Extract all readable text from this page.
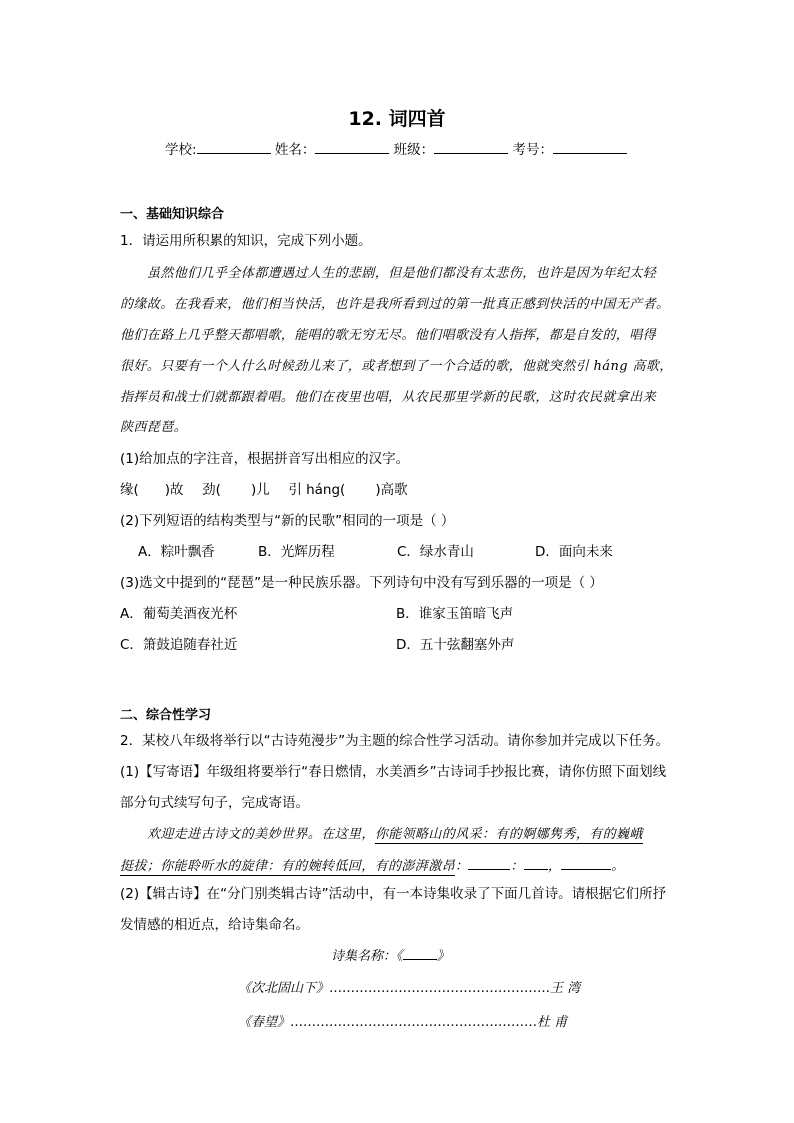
12. 词四首
学校:	姓名：	班级：	考号：
一、基础知识综合
1．请运用所积累的知识，完成下列小题。
虽然他们几乎全体都遭遇过人生的悲剧，但是他们都没有太悲伤，也许是因为年纪太轻
的缘故。在我看来，他们相当快活，也许是我所看到过的第一批真正感到快活的中国无产者。
他们在路上几乎整天都唱歌，能唱的歌无穷无尽。他们唱歌没有人指挥，都是自发的，唱得
很好。只要有一个人什么时候劲儿来了，或者想到了一个合适的歌，他就突然引 háng 高歌，
指挥员和战士们就都跟着唱。他们在夜里也唱，从农民那里学新的民歌，这时农民就拿出来
陕西琵琶。
(1)给加点的字注音，根据拼音写出相应的汉字。
缘( )故 劲( )儿 引 háng( )高歌
(2)下列短语的结构类型与“新的民歌”相同的一项是（ ）
A．粽叶飘香	B．光辉历程	C．绿水青山	D．面向未来
(3)选文中提到的“琵琶”是一种民族乐器。下列诗句中没有写到乐器的一项是（ ）
A．葡萄美酒夜光杯	B．谁家玉笛暗飞声
C．箫鼓追随春社近	D．五十弦翻塞外声
二、综合性学习
2．某校八年级将举行以“古诗苑漫步”为主题的综合性学习活动。请你参加并完成以下任务。
(1)【写寄语】年级组将要举行“春日燃情，水美酒乡”古诗词手抄报比赛，请你仿照下面划线
部分句式续写句子，完成寄语。
欢迎走进古诗文的美妙世界。在这里，你能领略山的风采：有的婀娜隽秀，有的巍峨
挺拔；你能聆听水的旋律：有的婉转低回，有的澎湃激昂：	： ，	。
(2)【辑古诗】在“分门别类辑古诗”活动中，有一本诗集收录了下面几首诗。请根据它们所抒
发情感的相近点，给诗集命名。
诗集名称：《	》
《次北固山下》……………………………………………王 湾
《春望》…………………………………………………杜 甫
